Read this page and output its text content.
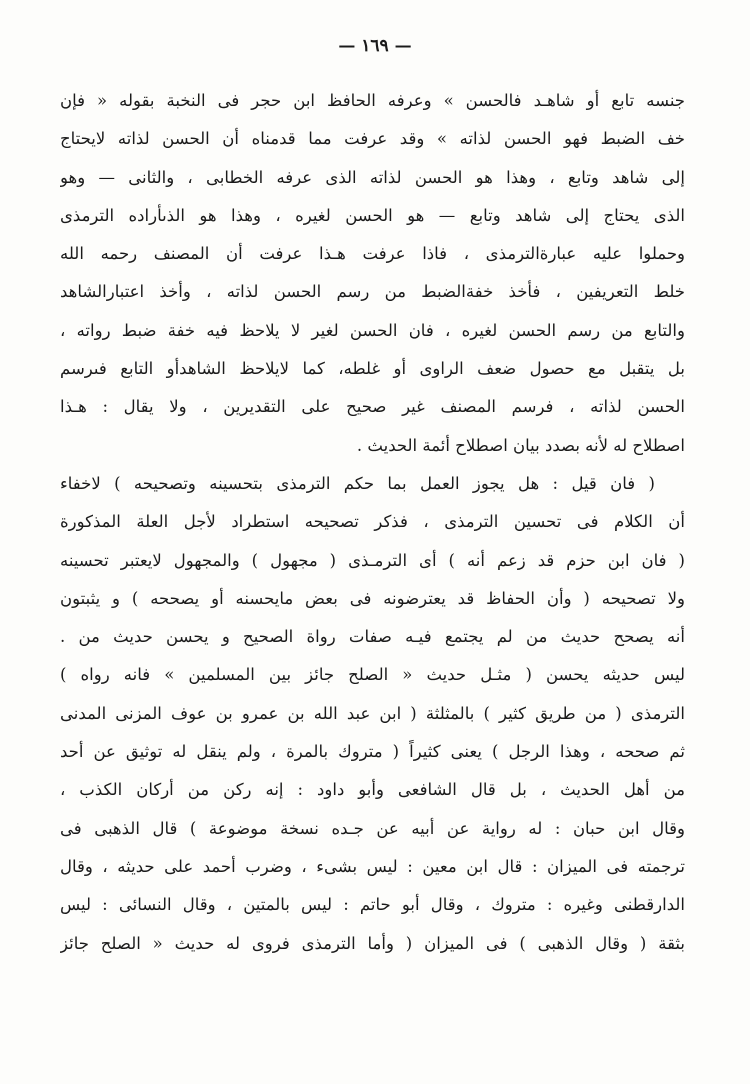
— ١٦٩ —
جنسه تابع أو شاهـد فالحسن » وعرفه الحافظ ابن حجر فى النخبة بقوله « فإن
خف الضبط فهو الحسن لذاته » وقد عرفت مما قدمناه أن الحسن لذاته لايحتاج
إلى شاهد وتابع ، وهذا هو الحسن لذاته الذى عرفه الخطابى ، والثانى — وهو
الذى يحتاج إلى شاهد وتابع — هو الحسن لغيره ، وهذا هو الذىأراده الترمذى
وحملوا عليه عبارةالترمذى ، فاذا عرفت هـذا عرفت أن المصنف رحمه الله
خلط التعريفين ، فأخذ خفةالضبط من رسم الحسن لذاته ، وأخذ اعتبارالشاهد
والتابع من رسم الحسن لغيره ، فان الحسن لغير لا يلاحظ فيه خفة ضبط رواته ،
بل يتقبل مع حصول ضعف الراوى أو غلطه، كما لايلاحظ الشاهدأو التابع فىرسم
الحسن لذاته ، فرسم المصنف غير صحيح على التقديرين ، ولا يقال : هـذا
اصطلاح له لأنه بصدد بيان اصطلاح أئمة الحديث .
( فان قيل : هل يجوز العمل بما حكم الترمذى بتحسينه وتصحيحه ) لاخفاء
أن الكلام فى تحسين الترمذى ، فذكر تصحيحه استطراد لأجل العلة المذكورة
( فان ابن حزم قد زعم أنه ) أى الترمـذى ( مجهول ) والمجهول لايعتبر تحسينه
ولا تصحيحه ( وأن الحفاظ قد يعترضونه فى بعض مايحسنه أو يصححه ) و يثبتون
أنه يصحح حديث من لم يجتمع فيـه صفات رواة الصحيح و يحسن حديث من .
ليس حديثه يحسن ( مثـل حديث « الصلح جائز بين المسلمين » فانه رواه )
الترمذى ( من طريق كثير ) بالمثلثة ( ابن عبد الله بن عمرو بن عوف المزنى المدنى
ثم صححه ، وهذا الرجل ) يعنى كثيراً ( متروك بالمرة ، ولم ينقل له توثيق عن أحد
من أهل الحديث ، بل قال الشافعى وأبو داود : إنه ركن من أركان الكذب ،
وقال ابن حبان : له رواية عن أبيه عن جـده نسخة موضوعة ) قال الذهبى فى
ترجمته فى الميزان : قال ابن معين : ليس بشىء ، وضرب أحمد على حديثه ، وقال
الدارقطنى وغيره : متروك ، وقال أبو حاتم : ليس بالمتين ، وقال النسائى : ليس
بثقة ( وقال الذهبى ) فى الميزان ( وأما الترمذى فروى له حديث « الصلح جائز
